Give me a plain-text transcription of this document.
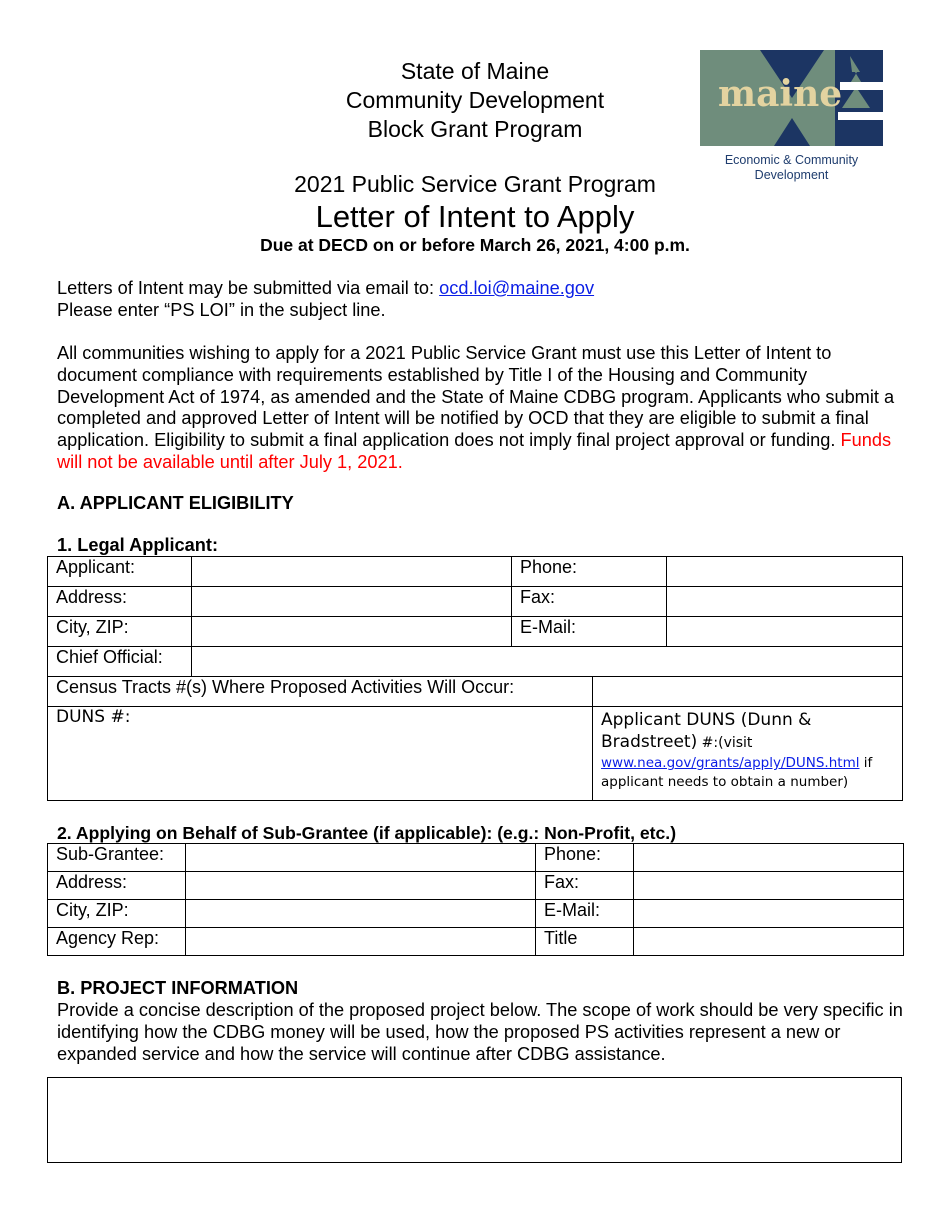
State of Maine
Community Development
Block Grant Program
maine
Economic & Community
Development
2021 Public Service Grant Program
Letter of Intent to Apply
Due at DECD on or before March 26, 2021, 4:00 p.m.
Letters of Intent may be submitted via email to: ocd.loi@maine.gov
Please enter “PS LOI” in the subject line.
All communities wishing to apply for a 2021 Public Service Grant must use this Letter of Intent to document compliance with requirements established by Title I of the Housing and Community Development Act of 1974, as amended and the State of Maine CDBG program. Applicants who submit a completed and approved Letter of Intent will be notified by OCD that they are eligible to submit a final application. Eligibility to submit a final application does not imply final project approval or funding. Funds will not be available until after July 1, 2021.
A. APPLICANT ELIGIBILITY
1. Legal Applicant:
Applicant:		Phone:		
Address:		Fax:		
City, ZIP:		E-Mail:		
Chief Official:				
Census Tracts #(s) Where Proposed Activities Will Occur:				
DUNS #:			Applicant DUNS (Dunn &
Bradstreet) #:(visit
www.nea.gov/grants/apply/DUNS.html if
applicant needs to obtain a number)	
2. Applying on Behalf of Sub-Grantee (if applicable): (e.g.: Non-Profit, etc.)
Sub-Grantee:		Phone:	
Address:		Fax:	
City, ZIP:		E-Mail:	
Agency Rep:		Title	
B. PROJECT INFORMATION
Provide a concise description of the proposed project below. The scope of work should be very specific in identifying how the CDBG money will be used, how the proposed PS activities represent a new or expanded service and how the service will continue after CDBG assistance.
